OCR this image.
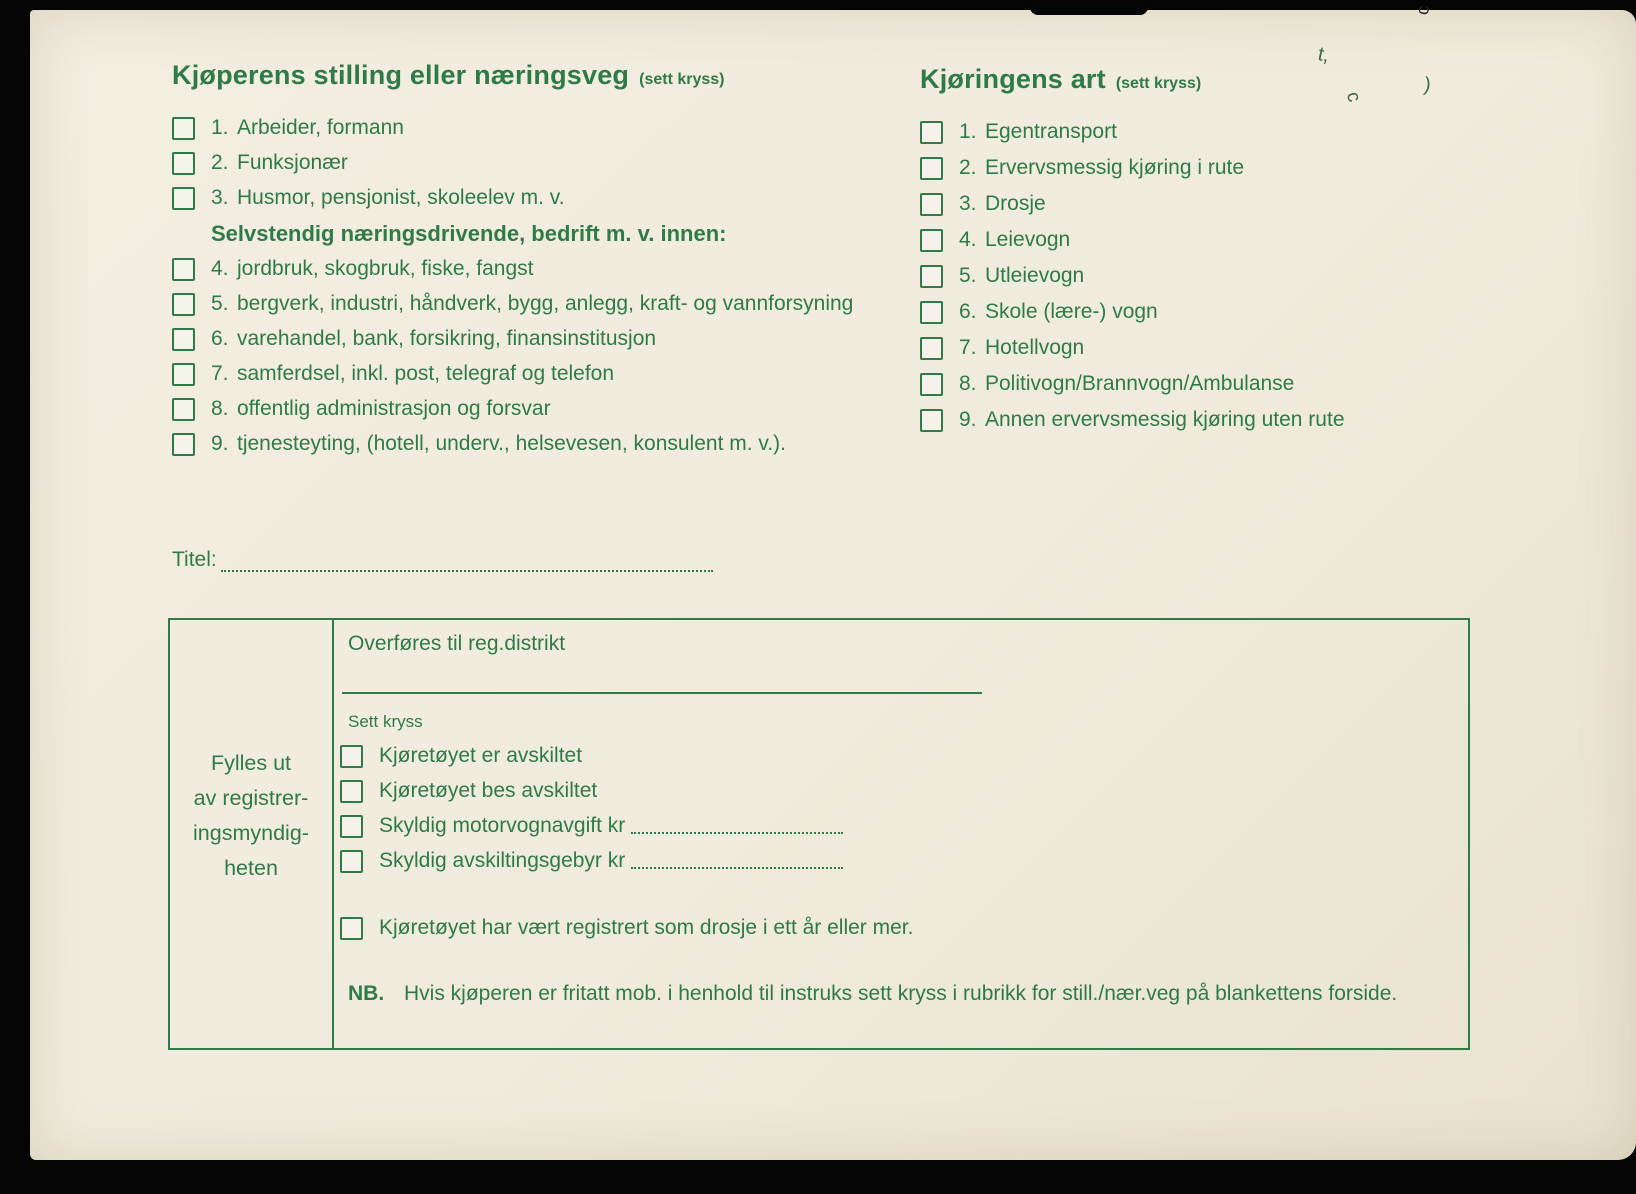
t,
ɔ
c
)
Kjøperens stilling eller næringsveg (sett kryss)
1. Arbeider, formann
2. Funksjonær
3. Husmor, pensjonist, skoleelev m. v.
Selvstendig næringsdrivende, bedrift m. v. innen:
4. jordbruk, skogbruk, fiske, fangst
5. bergverk, industri, håndverk, bygg, anlegg, kraft- og vannforsyning
6. varehandel, bank, forsikring, finansinstitusjon
7. samferdsel, inkl. post, telegraf og telefon
8. offentlig administrasjon og forsvar
9. tjenesteyting, (hotell, underv., helsevesen, konsulent m. v.).
Kjøringens art (sett kryss)
1. Egentransport
2. Ervervsmessig kjøring i rute
3. Drosje
4. Leievogn
5. Utleievogn
6. Skole (lære-) vogn
7. Hotellvogn
8. Politivogn/Brannvogn/Ambulanse
9. Annen ervervsmessig kjøring uten rute
Titel:
Fylles ut
av registrer-
ingsmyndig-
heten
Overføres til reg.distrikt
Sett kryss
Kjøretøyet er avskiltet
Kjøretøyet bes avskiltet
Skyldig motorvognavgift kr
Skyldig avskiltingsgebyr kr
Kjøretøyet har vært registrert som drosje i ett år eller mer.
NB. Hvis kjøperen er fritatt mob. i henhold til instruks sett kryss i rubrikk for still./nær.veg på blankettens forside.
